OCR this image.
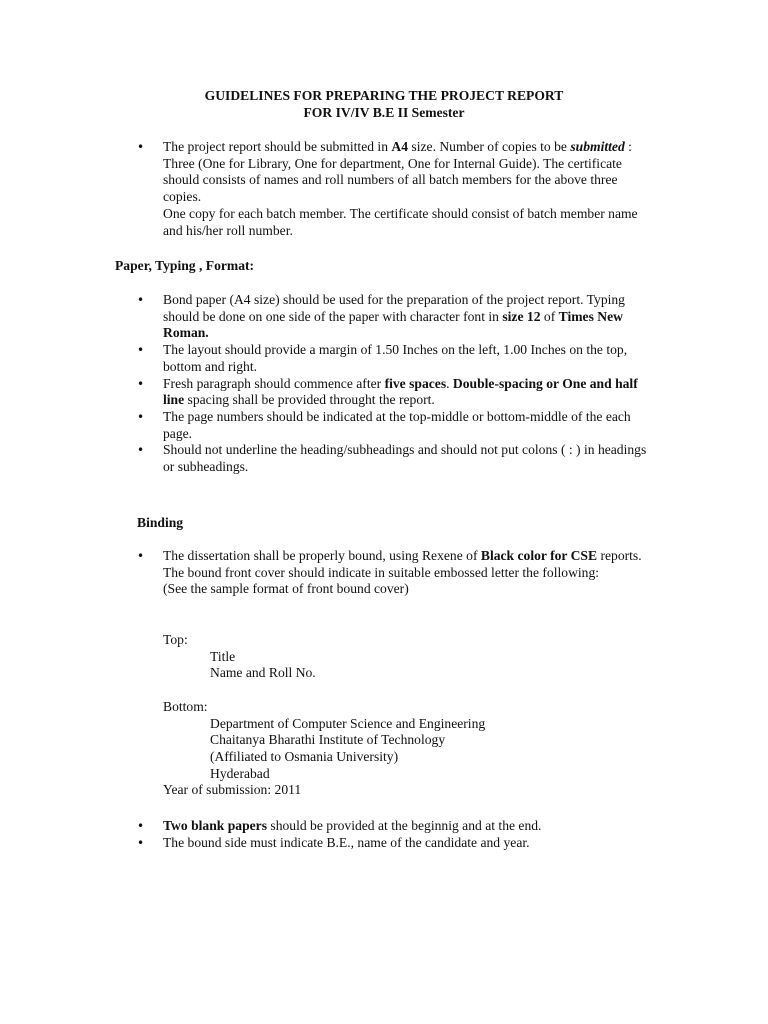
GUIDELINES FOR PREPARING THE PROJECT REPORT
FOR IV/IV B.E II Semester
• The project report should be submitted in A4 size. Number of copies to be submitted : Three (One for Library, One for department, One for Internal Guide). The certificate should consists of names and roll numbers of all batch members for the above three copies.
One copy for each batch member. The certificate should consist of batch member name and his/her roll number.
Paper, Typing , Format:
• Bond paper (A4 size) should be used for the preparation of the project report. Typing should be done on one side of the paper with character font in size 12 of Times New Roman.
• The layout should provide a margin of 1.50 Inches on the left, 1.00 Inches on the top, bottom and right.
• Fresh paragraph should commence after five spaces. Double-spacing or One and half line spacing shall be provided throught the report.
• The page numbers should be indicated at the top-middle or bottom-middle of the each page.
• Should not underline the heading/subheadings and should not put colons ( : ) in headings or subheadings.
Binding
• The dissertation shall be properly bound, using Rexene of Black color for CSE reports. The bound front cover should indicate in suitable embossed letter the following:
(See the sample format of front bound cover)
Top:
Title
Name and Roll No.
Bottom:
Department of Computer Science and Engineering
Chaitanya Bharathi Institute of Technology
(Affiliated to Osmania University)
Hyderabad
Year of submission: 2011
• Two blank papers should be provided at the beginnig and at the end.
• The bound side must indicate B.E., name of the candidate and year.
